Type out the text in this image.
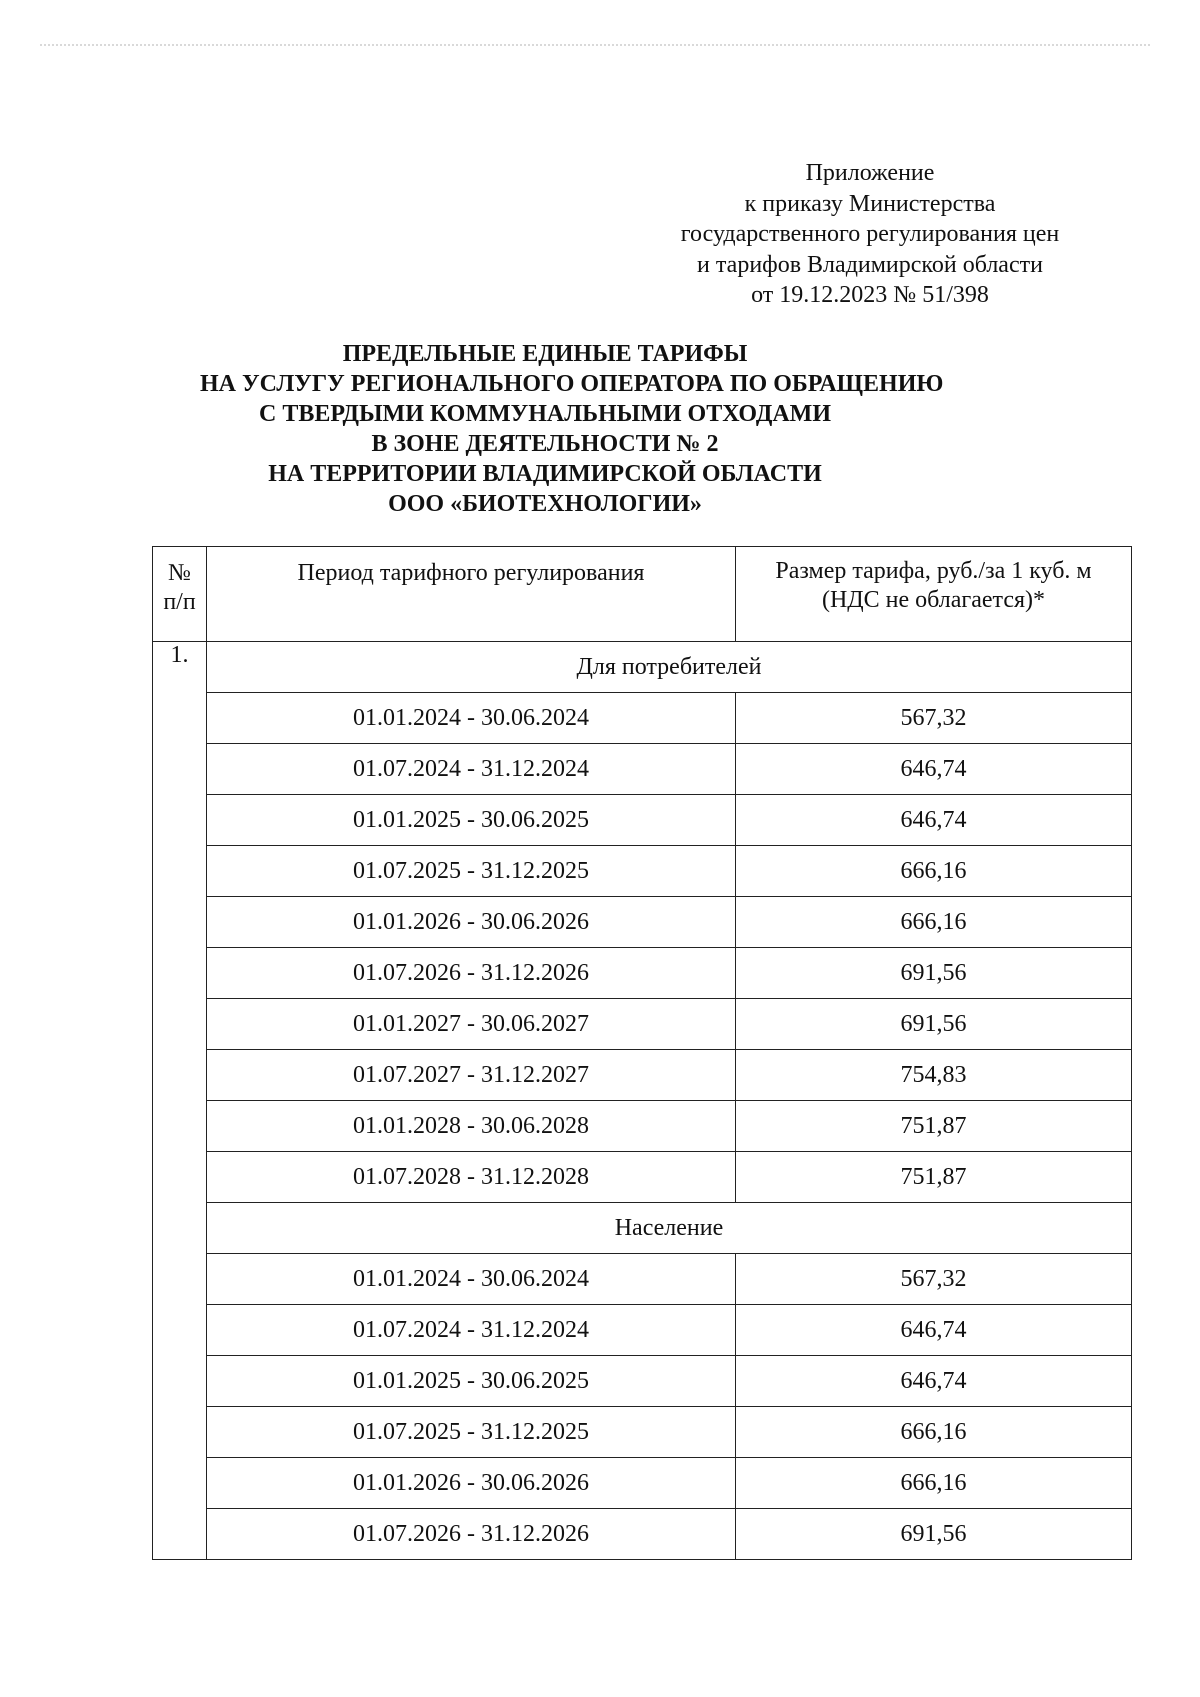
Приложение
к приказу Министерства
государственного регулирования цен
и тарифов Владимирской области
от 19.12.2023 № 51/398
ПРЕДЕЛЬНЫЕ ЕДИНЫЕ ТАРИФЫ
НА УСЛУГУ РЕГИОНАЛЬНОГО ОПЕРАТОРА ПО ОБРАЩЕНИЮ
С ТВЕРДЫМИ КОММУНАЛЬНЫМИ ОТХОДАМИ
В ЗОНЕ ДЕЯТЕЛЬНОСТИ № 2
НА ТЕРРИТОРИИ ВЛАДИМИРСКОЙ ОБЛАСТИ
ООО «БИОТЕХНОЛОГИИ»
№
п/п	Период тарифного регулирования	Размер тарифа, руб./за 1 куб. м
(НДС не облагается)*

1.	Для потребителей	
	01.01.2024 - 30.06.2024	567,32
	01.07.2024 - 31.12.2024	646,74
	01.01.2025 - 30.06.2025	646,74
	01.07.2025 - 31.12.2025	666,16
	01.01.2026 - 30.06.2026	666,16
	01.07.2026 - 31.12.2026	691,56
	01.01.2027 - 30.06.2027	691,56
	01.07.2027 - 31.12.2027	754,83
	01.01.2028 - 30.06.2028	751,87
	01.07.2028 - 31.12.2028	751,87
	Население	
	01.01.2024 - 30.06.2024	567,32
	01.07.2024 - 31.12.2024	646,74
	01.01.2025 - 30.06.2025	646,74
	01.07.2025 - 31.12.2025	666,16
	01.01.2026 - 30.06.2026	666,16
	01.07.2026 - 31.12.2026	691,56
